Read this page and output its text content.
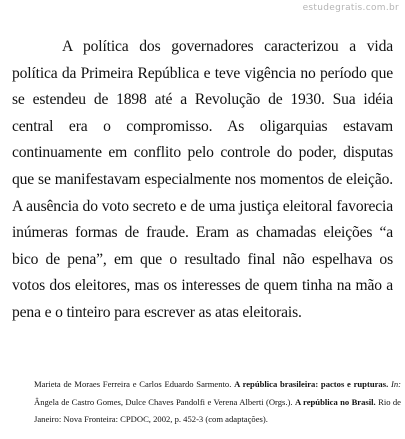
estudegratis.com.br

A política dos governadores caracterizou a vida política da Primeira República e teve vigência no período que se estendeu de 1898 até a Revolução de 1930. Sua idéia central era o compromisso. As oligarquias estavam continuamente em conflito pelo controle do poder, disputas que se manifestavam especialmente nos momentos de eleição. A ausência do voto secreto e de uma justiça eleitoral favorecia inúmeras formas de fraude. Eram as chamadas eleições “a bico de pena”, em que o resultado final não espelhava os votos dos eleitores, mas os interesses de quem tinha na mão a pena e o tinteiro para escrever as atas eleitorais.

Marieta de Moraes Ferreira e Carlos Eduardo Sarmento. A república brasileira: pactos e rupturas. In: Ângela de Castro Gomes, Dulce Chaves Pandolfi e Verena Alberti (Orgs.). A república no Brasil. Rio de Janeiro: Nova Fronteira: CPDOC, 2002, p. 452-3 (com adaptações).
